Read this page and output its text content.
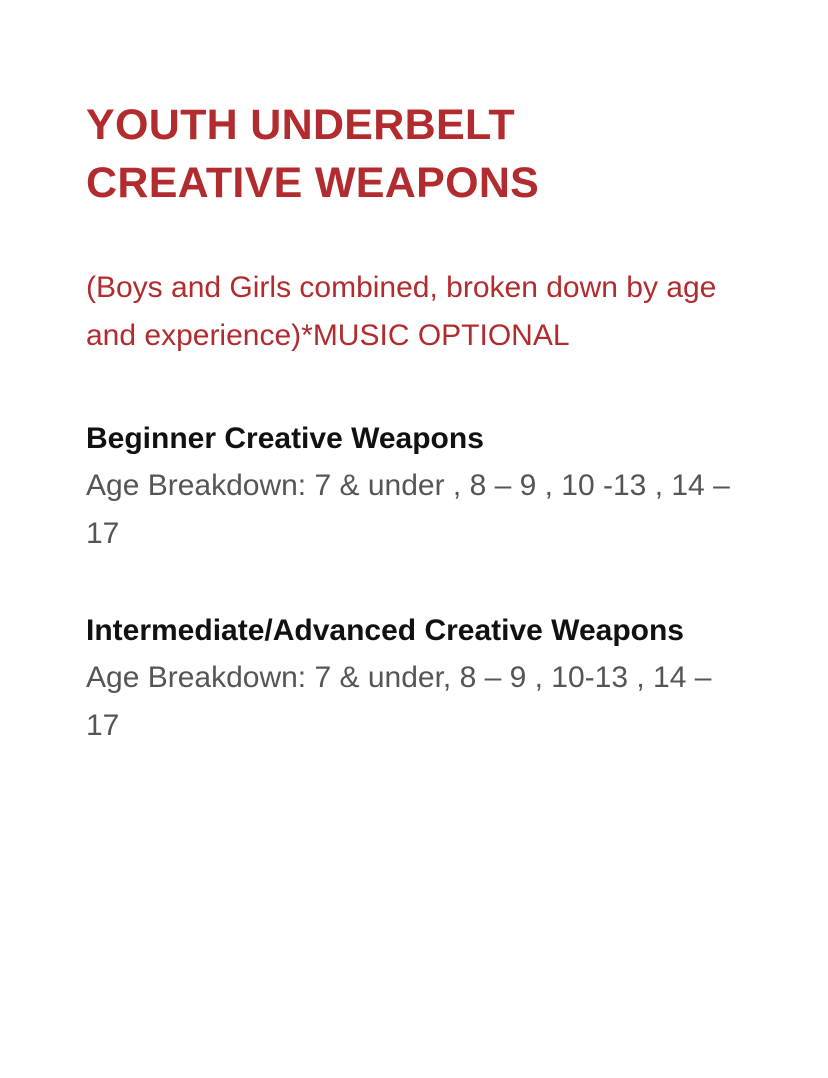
YOUTH UNDERBELT
CREATIVE WEAPONS

(Boys and Girls combined, broken down by age and experience)*MUSIC OPTIONAL

Beginner Creative Weapons

Age Breakdown: 7 & under , 8 – 9 , 10 -13 , 14 – 17

Intermediate/Advanced Creative Weapons

Age Breakdown: 7 & under, 8 – 9 , 10-13 , 14 – 17
